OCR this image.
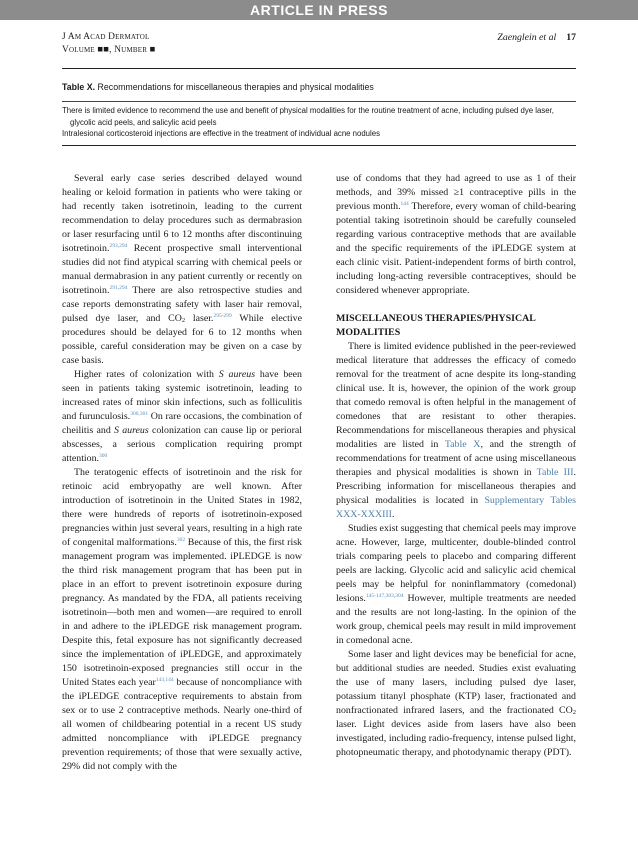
ARTICLE IN PRESS
J Am Acad Dermatol
Volume ■■, Number ■
Zaenglein et al 17
Table X. Recommendations for miscellaneous therapies and physical modalities
There is limited evidence to recommend the use and benefit of physical modalities for the routine treatment of acne, including pulsed dye laser, glycolic acid peels, and salicylic acid peels
Intralesional corticosteroid injections are effective in the treatment of individual acne nodules

Several early case series described delayed wound healing or keloid formation in patients who were taking or had recently taken isotretinoin, leading to the current recommendation to delay procedures such as dermabrasion or laser resurfacing until 6 to 12 months after discontinuing isotretinoin.$^{293,294}$ Recent prospective small interventional studies did not find atypical scarring with chemical peels or manual dermabrasion in any patient currently or recently on isotretinoin.$^{291,294}$ There are also retrospective studies and case reports demonstrating safety with laser hair removal, pulsed dye laser, and $CO_2$ laser.$^{295-299}$ While elective procedures should be delayed for 6 to 12 months when possible, careful consideration may be given on a case by case basis.

Higher rates of colonization with S aureus have been seen in patients taking systemic isotretinoin, leading to increased rates of minor skin infections, such as folliculitis and furunculosis.$^{300,301}$ On rare occasions, the combination of cheilitis and S aureus colonization can cause lip or perioral abscesses, a serious complication requiring prompt attention.$^{300}$

The teratogenic effects of isotretinoin and the risk for retinoic acid embryopathy are well known. After introduction of isotretinoin in the United States in 1982, there were hundreds of reports of isotretinoin-exposed pregnancies within just several years, resulting in a high rate of congenital malformations.$^{302}$ Because of this, the first risk management program was implemented. iPLEDGE is now the third risk management program that has been put in place in an effort to prevent isotretinoin exposure during pregnancy. As mandated by the FDA, all patients receiving isotretinoin—both men and women—are required to enroll in and adhere to the iPLEDGE risk management program. Despite this, fetal exposure has not significantly decreased since the implementation of iPLEDGE, and approximately 150 isotretinoin-exposed pregnancies still occur in the United States each year$^{143,144}$ because of noncompliance with the iPLEDGE contraceptive requirements to abstain from sex or to use 2 contraceptive methods. Nearly one-third of all women of childbearing potential in a recent US study admitted noncompliance with iPLEDGE pregnancy prevention requirements; of those that were sexually active, 29% did not comply with the

use of condoms that they had agreed to use as 1 of their methods, and 39% missed ≥1 contraceptive pills in the previous month.$^{144}$ Therefore, every woman of child-bearing potential taking isotretinoin should be carefully counseled regarding various contraceptive methods that are available and the specific requirements of the iPLEDGE system at each clinic visit. Patient-independent forms of birth control, including long-acting reversible contraceptives, should be considered whenever appropriate.

MISCELLANEOUS THERAPIES/PHYSICAL MODALITIES

There is limited evidence published in the peer-reviewed medical literature that addresses the efficacy of comedo removal for the treatment of acne despite its long-standing clinical use. It is, however, the opinion of the work group that comedo removal is often helpful in the management of comedones that are resistant to other therapies. Recommendations for miscellaneous therapies and physical modalities are listed in Table X, and the strength of recommendations for treatment of acne using miscellaneous therapies and physical modalities is shown in Table III. Prescribing information for miscellaneous therapies and physical modalities is located in Supplementary Tables XXX-XXXIII.

Studies exist suggesting that chemical peels may improve acne. However, large, multicenter, double-blinded control trials comparing peels to placebo and comparing different peels are lacking. Glycolic acid and salicylic acid chemical peels may be helpful for noninflammatory (comedonal) lesions.$^{145-147,303,304}$ However, multiple treatments are needed and the results are not long-lasting. In the opinion of the work group, chemical peels may result in mild improvement in comedonal acne.

Some laser and light devices may be beneficial for acne, but additional studies are needed. Studies exist evaluating the use of many lasers, including pulsed dye laser, potassium titanyl phosphate (KTP) laser, fractionated and nonfractionated infrared lasers, and the fractionated $CO_2$ laser. Light devices aside from lasers have also been investigated, including radio-frequency, intense pulsed light, photopneumatic therapy, and photodynamic therapy (PDT).
